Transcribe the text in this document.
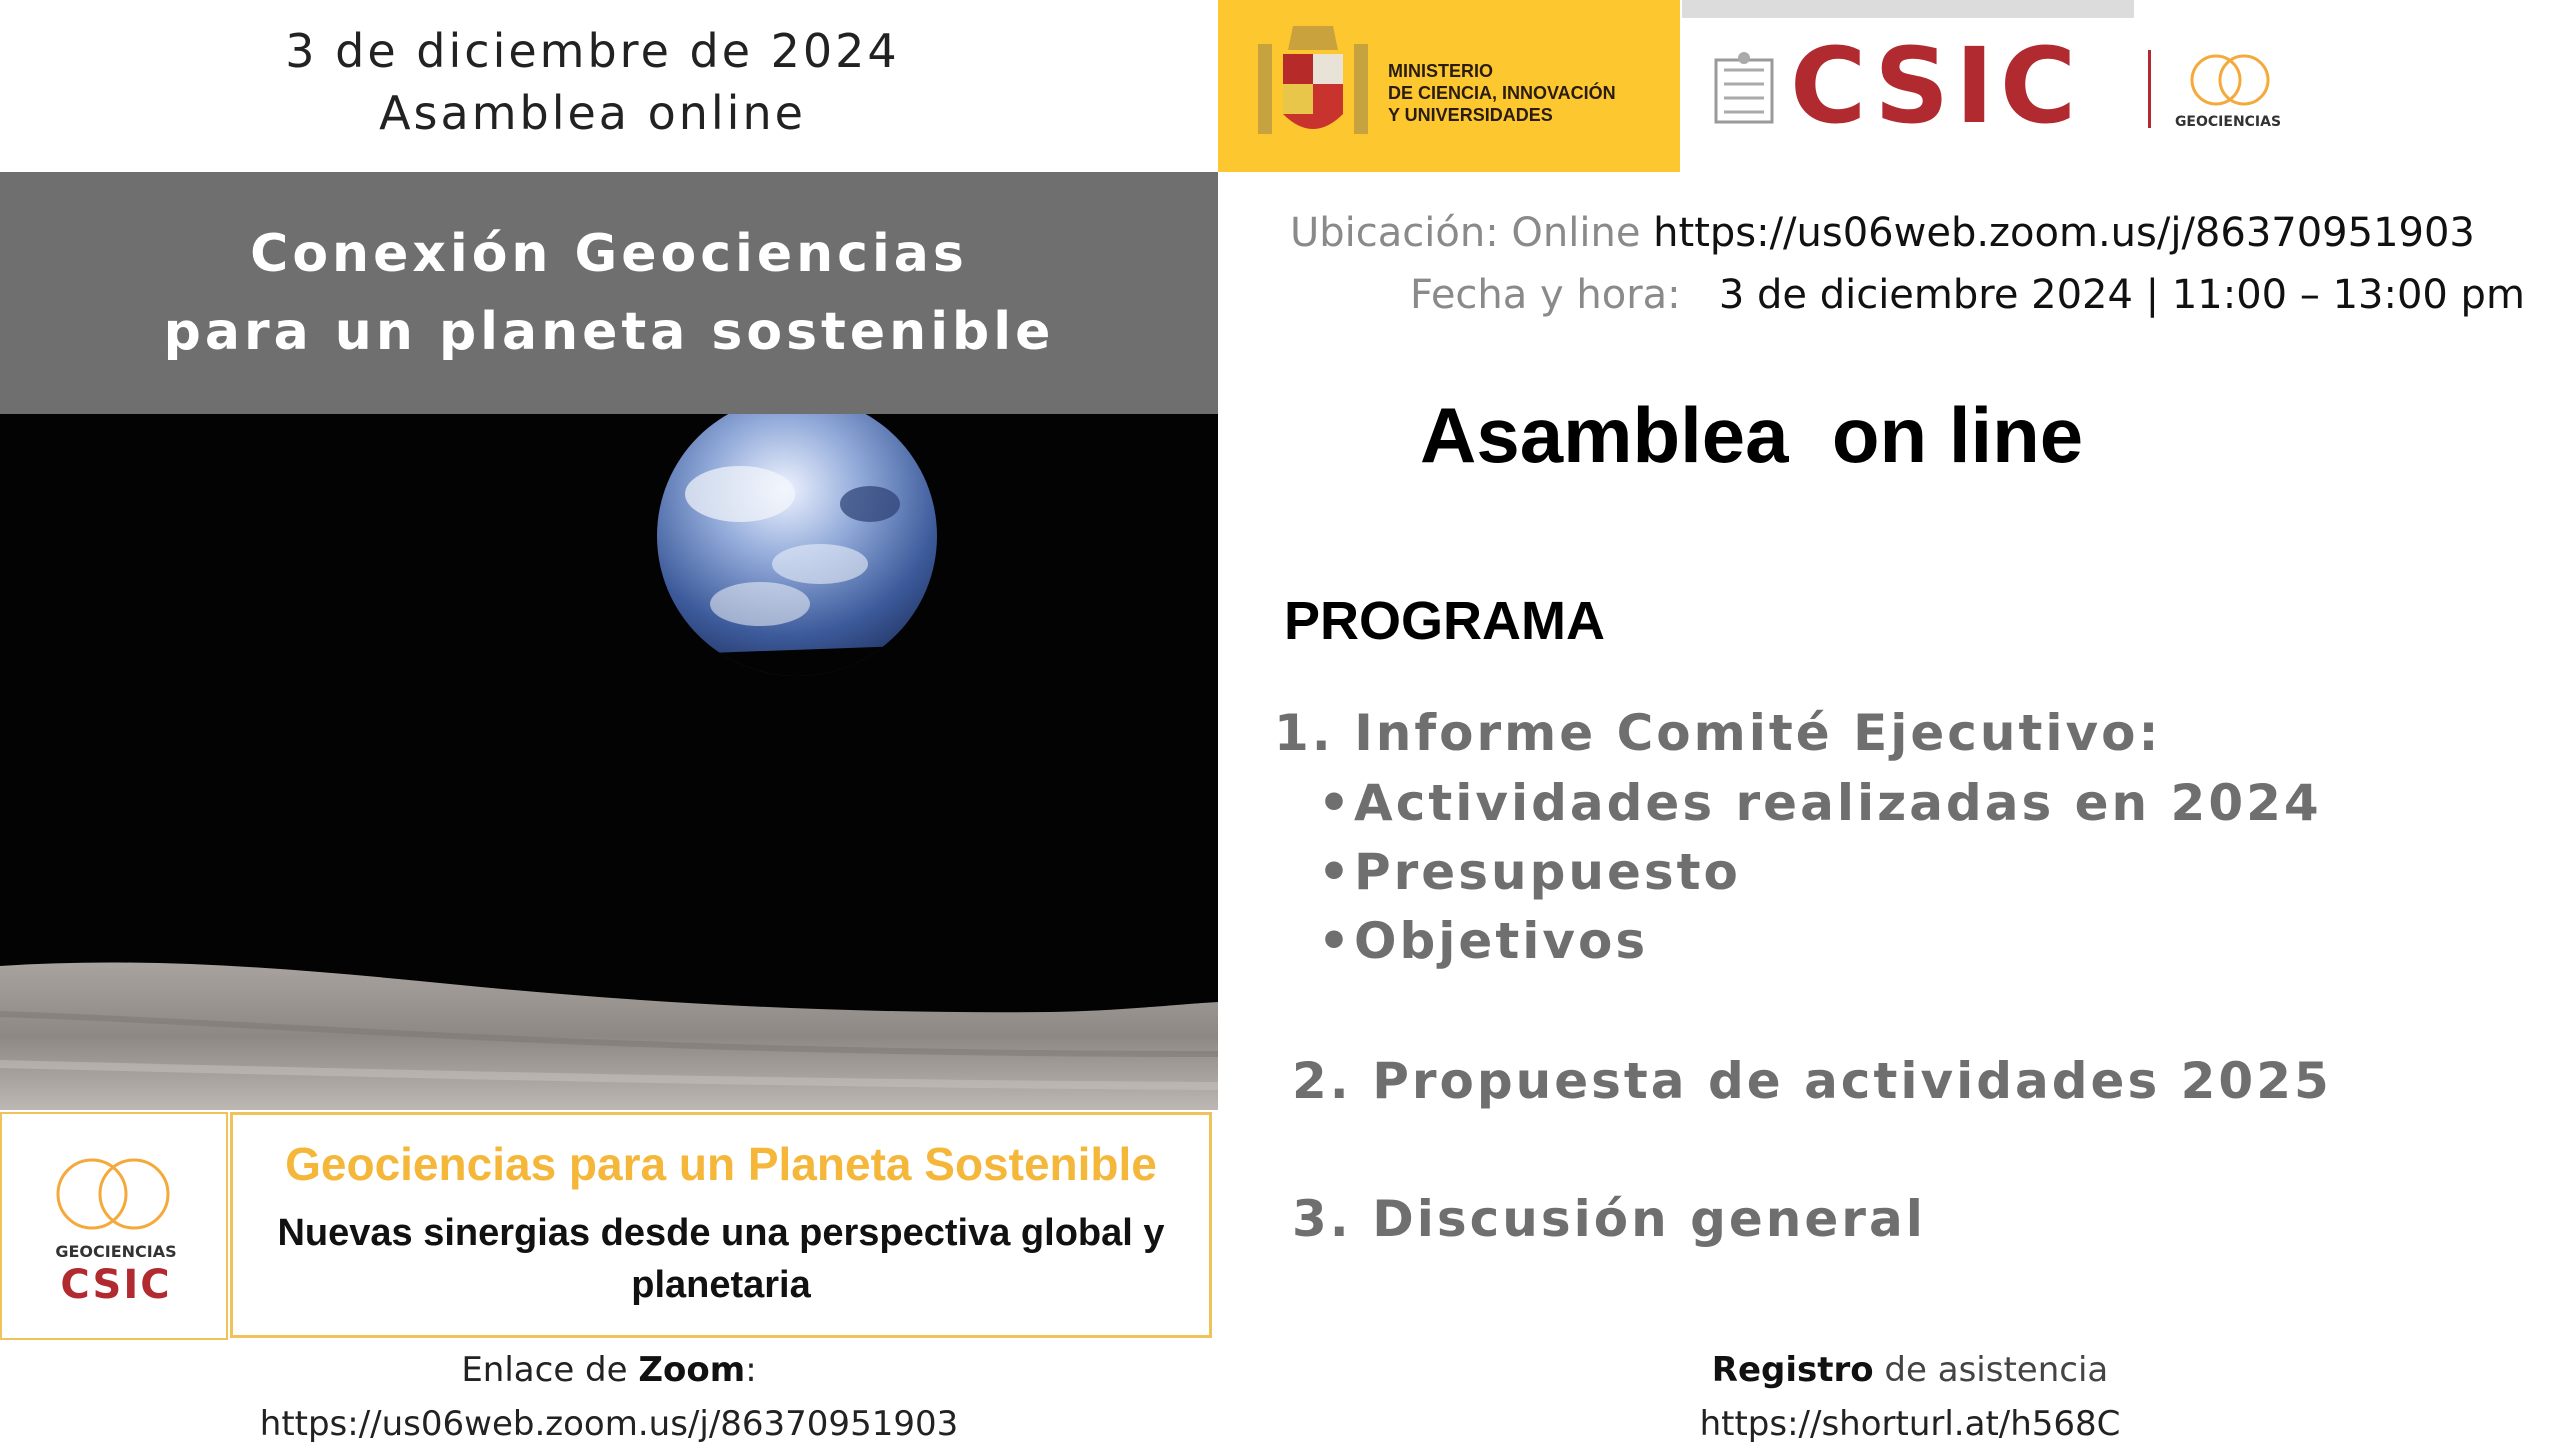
3 de diciembre de 2024
Asamblea online
Conexión Geociencias
para un planeta sostenible
GEOCIENCIAS
CSIC
Geociencias para un Planeta Sostenible
Nuevas sinergias desde una perspectiva global y planetaria
Enlace de Zoom:
https://us06web.zoom.us/j/86370951903
Registro de asistencia
https://shorturl.at/h568C
MINISTERIO
DE CIENCIA, INNOVACIÓN
Y UNIVERSIDADES	CSIC	GEOCIENCIAS
Ubicación: Online https://us06web.zoom.us/j/86370951903
Fecha y hora: 3 de diciembre 2024 | 11:00 – 13:00 pm
Asamblea  on line
PROGRAMA
1. Informe Comité Ejecutivo:
•Actividades realizadas en 2024
•Presupuesto
•Objetivos
2. Propuesta de actividades 2025
3. Discusión general
